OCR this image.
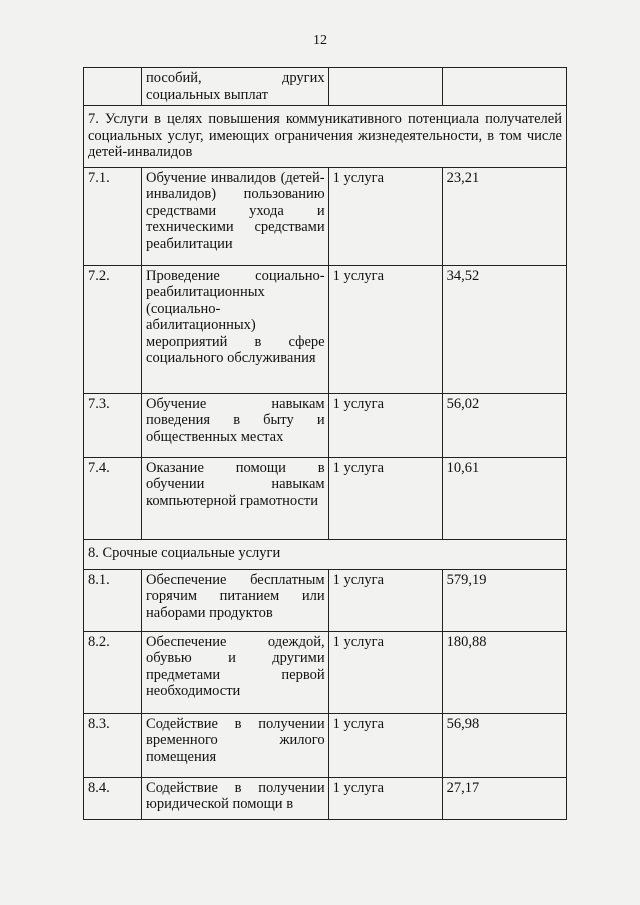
12
	пособий, других социальных выплат		
7. Услуги в целях повышения коммуникативного потенциала получателей социальных услуг, имеющих ограничения жизнедеятельности, в том числе детей-инвалидов			
7.1.	Обучение инвалидов (детей-инвалидов) пользованию средствами ухода и техническими средствами реабилитации	1 услуга	23,21
7.2.	Проведение социально-реабилитационных (социально-абилитационных) мероприятий в сфере социального обслуживания	1 услуга	34,52
7.3.	Обучение навыкам поведения в быту и общественных местах	1 услуга	56,02
7.4.	Оказание помощи в обучении навыкам компьютерной грамотности	1 услуга	10,61
8. Срочные социальные услуги			
8.1.	Обеспечение бесплатным горячим питанием или наборами продуктов	1 услуга	579,19
8.2.	Обеспечение одеждой, обувью и другими предметами первой необходимости	1 услуга	180,88
8.3.	Содействие в получении временного жилого помещения	1 услуга	56,98
8.4.	Содействие в получении юридической помощи в	1 услуга	27,17
